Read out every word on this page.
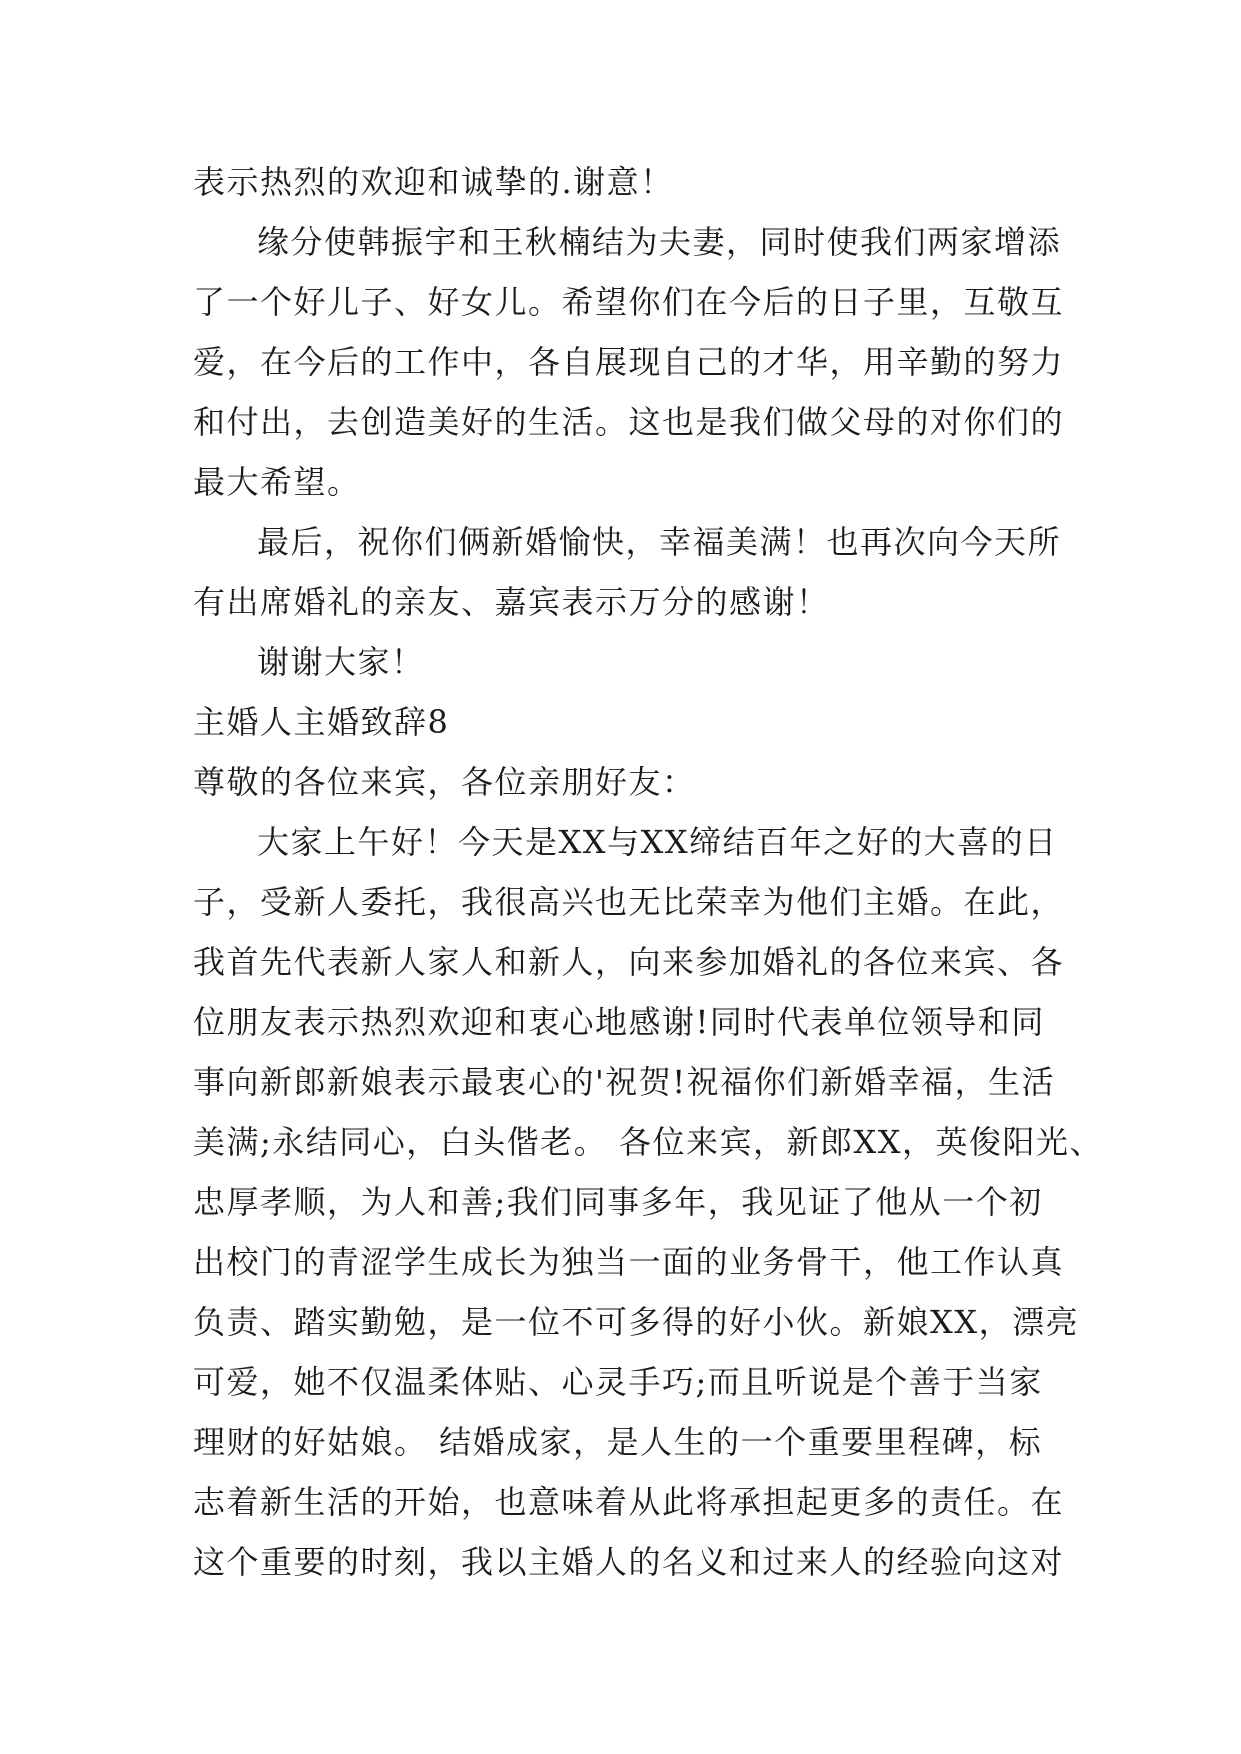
表示热烈的欢迎和诚挚的.谢意！
缘分使韩振宇和王秋楠结为夫妻，同时使我们两家增添
了一个好儿子、好女儿。希望你们在今后的日子里，互敬互
爱，在今后的工作中，各自展现自己的才华，用辛勤的努力
和付出，去创造美好的生活。这也是我们做父母的对你们的
最大希望。
最后，祝你们俩新婚愉快，幸福美满！也再次向今天所
有出席婚礼的亲友、嘉宾表示万分的感谢！
谢谢大家！
主婚人主婚致辞8
尊敬的各位来宾，各位亲朋好友：
大家上午好！今天是XX与XX缔结百年之好的大喜的日
子，受新人委托，我很高兴也无比荣幸为他们主婚。在此，
我首先代表新人家人和新人，向来参加婚礼的各位来宾、各
位朋友表示热烈欢迎和衷心地感谢!同时代表单位领导和同
事向新郎新娘表示最衷心的'祝贺!祝福你们新婚幸福，生活
美满;永结同心，白头偕老。 各位来宾，新郎XX，英俊阳光、
忠厚孝顺，为人和善;我们同事多年，我见证了他从一个初
出校门的青涩学生成长为独当一面的业务骨干，他工作认真
负责、踏实勤勉，是一位不可多得的好小伙。新娘XX，漂亮
可爱，她不仅温柔体贴、心灵手巧;而且听说是个善于当家
理财的好姑娘。 结婚成家，是人生的一个重要里程碑，标
志着新生活的开始，也意味着从此将承担起更多的责任。在
这个重要的时刻，我以主婚人的名义和过来人的经验向这对
